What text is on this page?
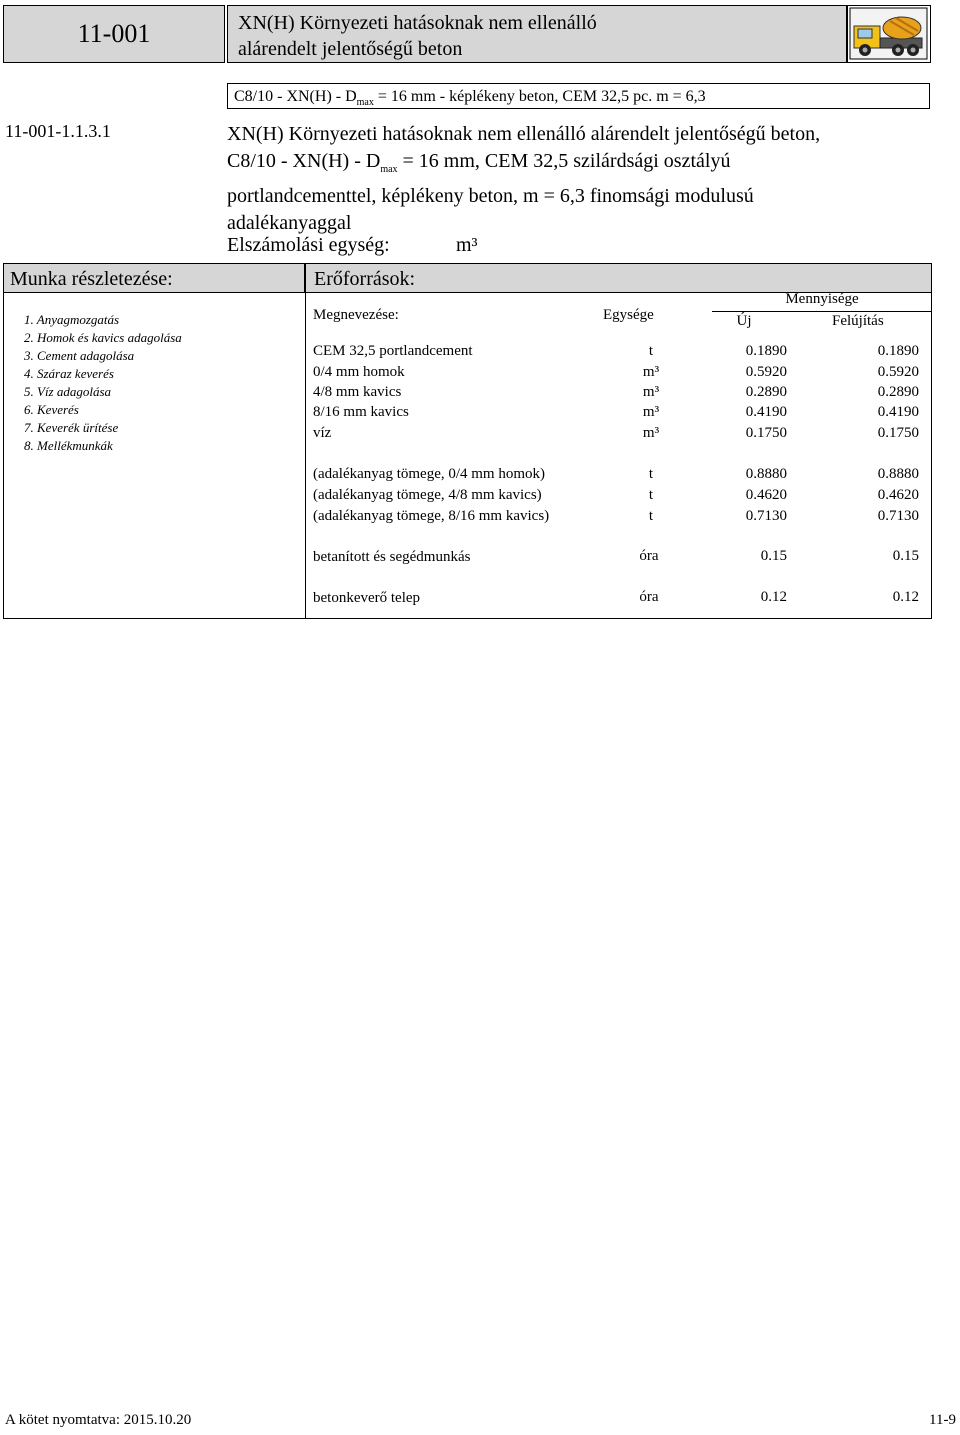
11-001	XN(H) Környezeti hatásoknak nem ellenálló
alárendelt jelentőségű beton
$C8/10 - XN(H) - D_{max} = 16$ mm - képlékeny beton, CEM 32,5 pc. m = 6,3
11-001-1.1.3.1	XN(H) Környezeti hatásoknak nem ellenálló alárendelt jelentőségű beton,
$C8/10 - XN(H) - D_{max} = 16$ mm, CEM 32,5 szilárdsági osztályú
portlandcementtel, képlékeny beton, m = 6,3 finomsági modulusú
adalékanyaggal
Elszámolási egység:	m³
Munka részletezése:	Erőforrások:
1. Anyagmozgatás
2. Homok és kavics adagolása
3. Cement adagolása
4. Száraz keverés
5. Víz adagolása
6. Keverés
7. Keverék ürítése
8. Mellékmunkák
Megnevezése:	Egysége
Mennyisége
Új	Felújítás
CEM 32,5 portlandcement	t	0.1890	0.1890
0/4 mm homok	m³	0.5920	0.5920
4/8 mm kavics	m³	0.2890	0.2890
8/16 mm kavics	m³	0.4190	0.4190
víz	m³	0.1750	0.1750
(adalékanyag tömege, 0/4 mm homok)	t	0.8880	0.8880
(adalékanyag tömege, 4/8 mm kavics)	t	0.4620	0.4620
(adalékanyag tömege, 8/16 mm kavics)	t	0.7130	0.7130
betanított és segédmunkás	óra	0.15	0.15
betonkeverő telep	óra	0.12	0.12
A kötet nyomtatva: 2015.10.20	11-9
